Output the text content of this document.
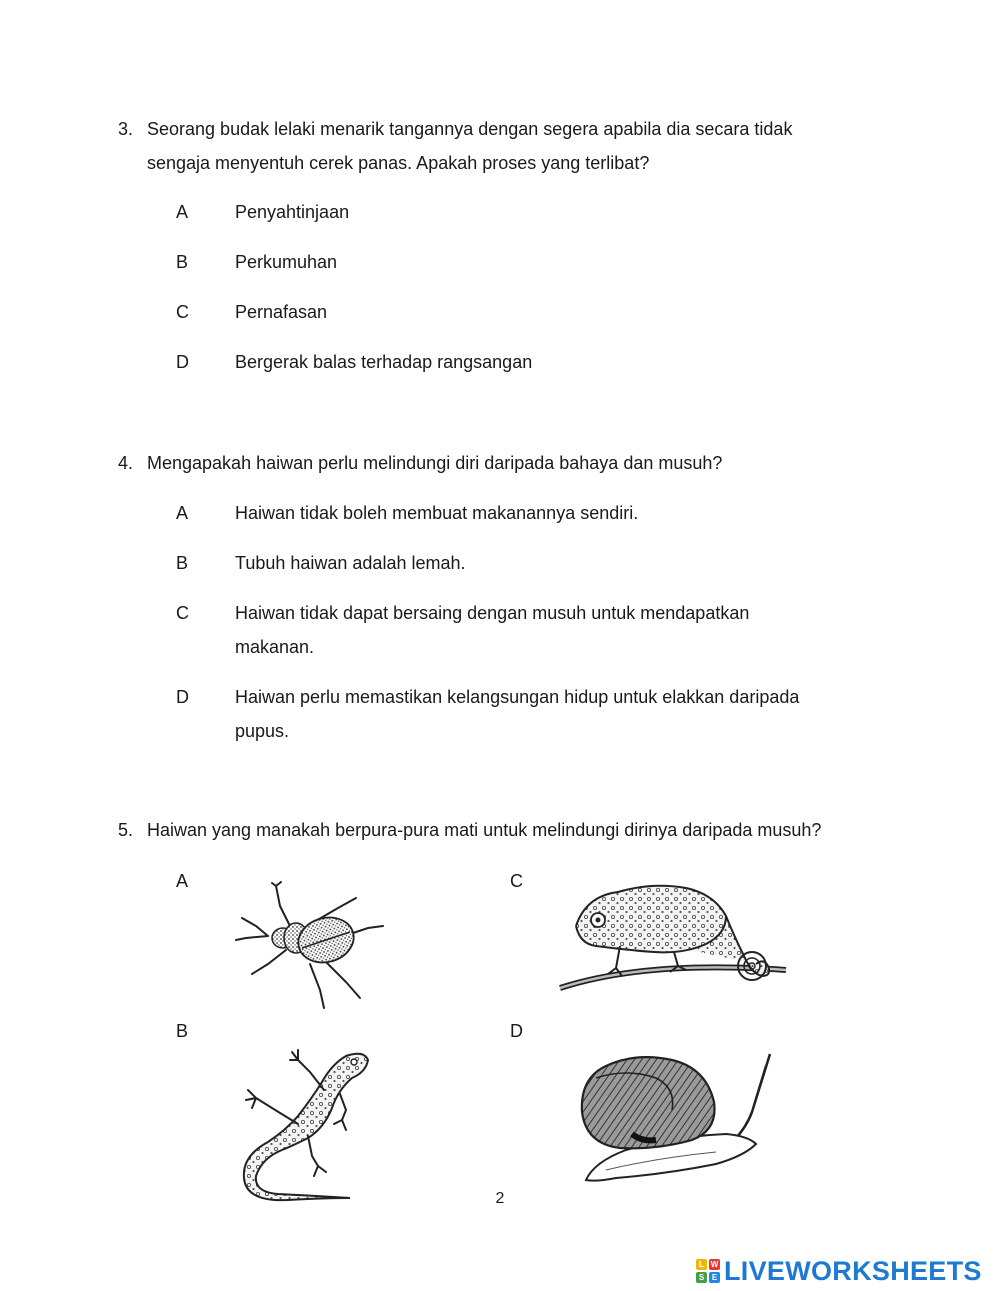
3. Seorang budak lelaki menarik tangannya dengan segera apabila dia secara tidak
sengaja menyentuh cerek panas. Apakah proses yang terlibat?
A	Penyahtinjaan
B	Perkumuhan
C	Pernafasan
D	Bergerak balas terhadap rangsangan
4. Mengapakah haiwan perlu melindungi diri daripada bahaya dan musuh?
A	Haiwan tidak boleh membuat makanannya sendiri.
B	Tubuh haiwan adalah lemah.
C	Haiwan tidak dapat bersaing dengan musuh untuk mendapatkan
makanan.
D	Haiwan perlu memastikan kelangsungan hidup untuk elakkan daripada
pupus.
5. Haiwan yang manakah berpura-pura mati untuk melindungi dirinya daripada musuh?
A	C
B	D
2
L W
S E LIVEWORKSHEETS
